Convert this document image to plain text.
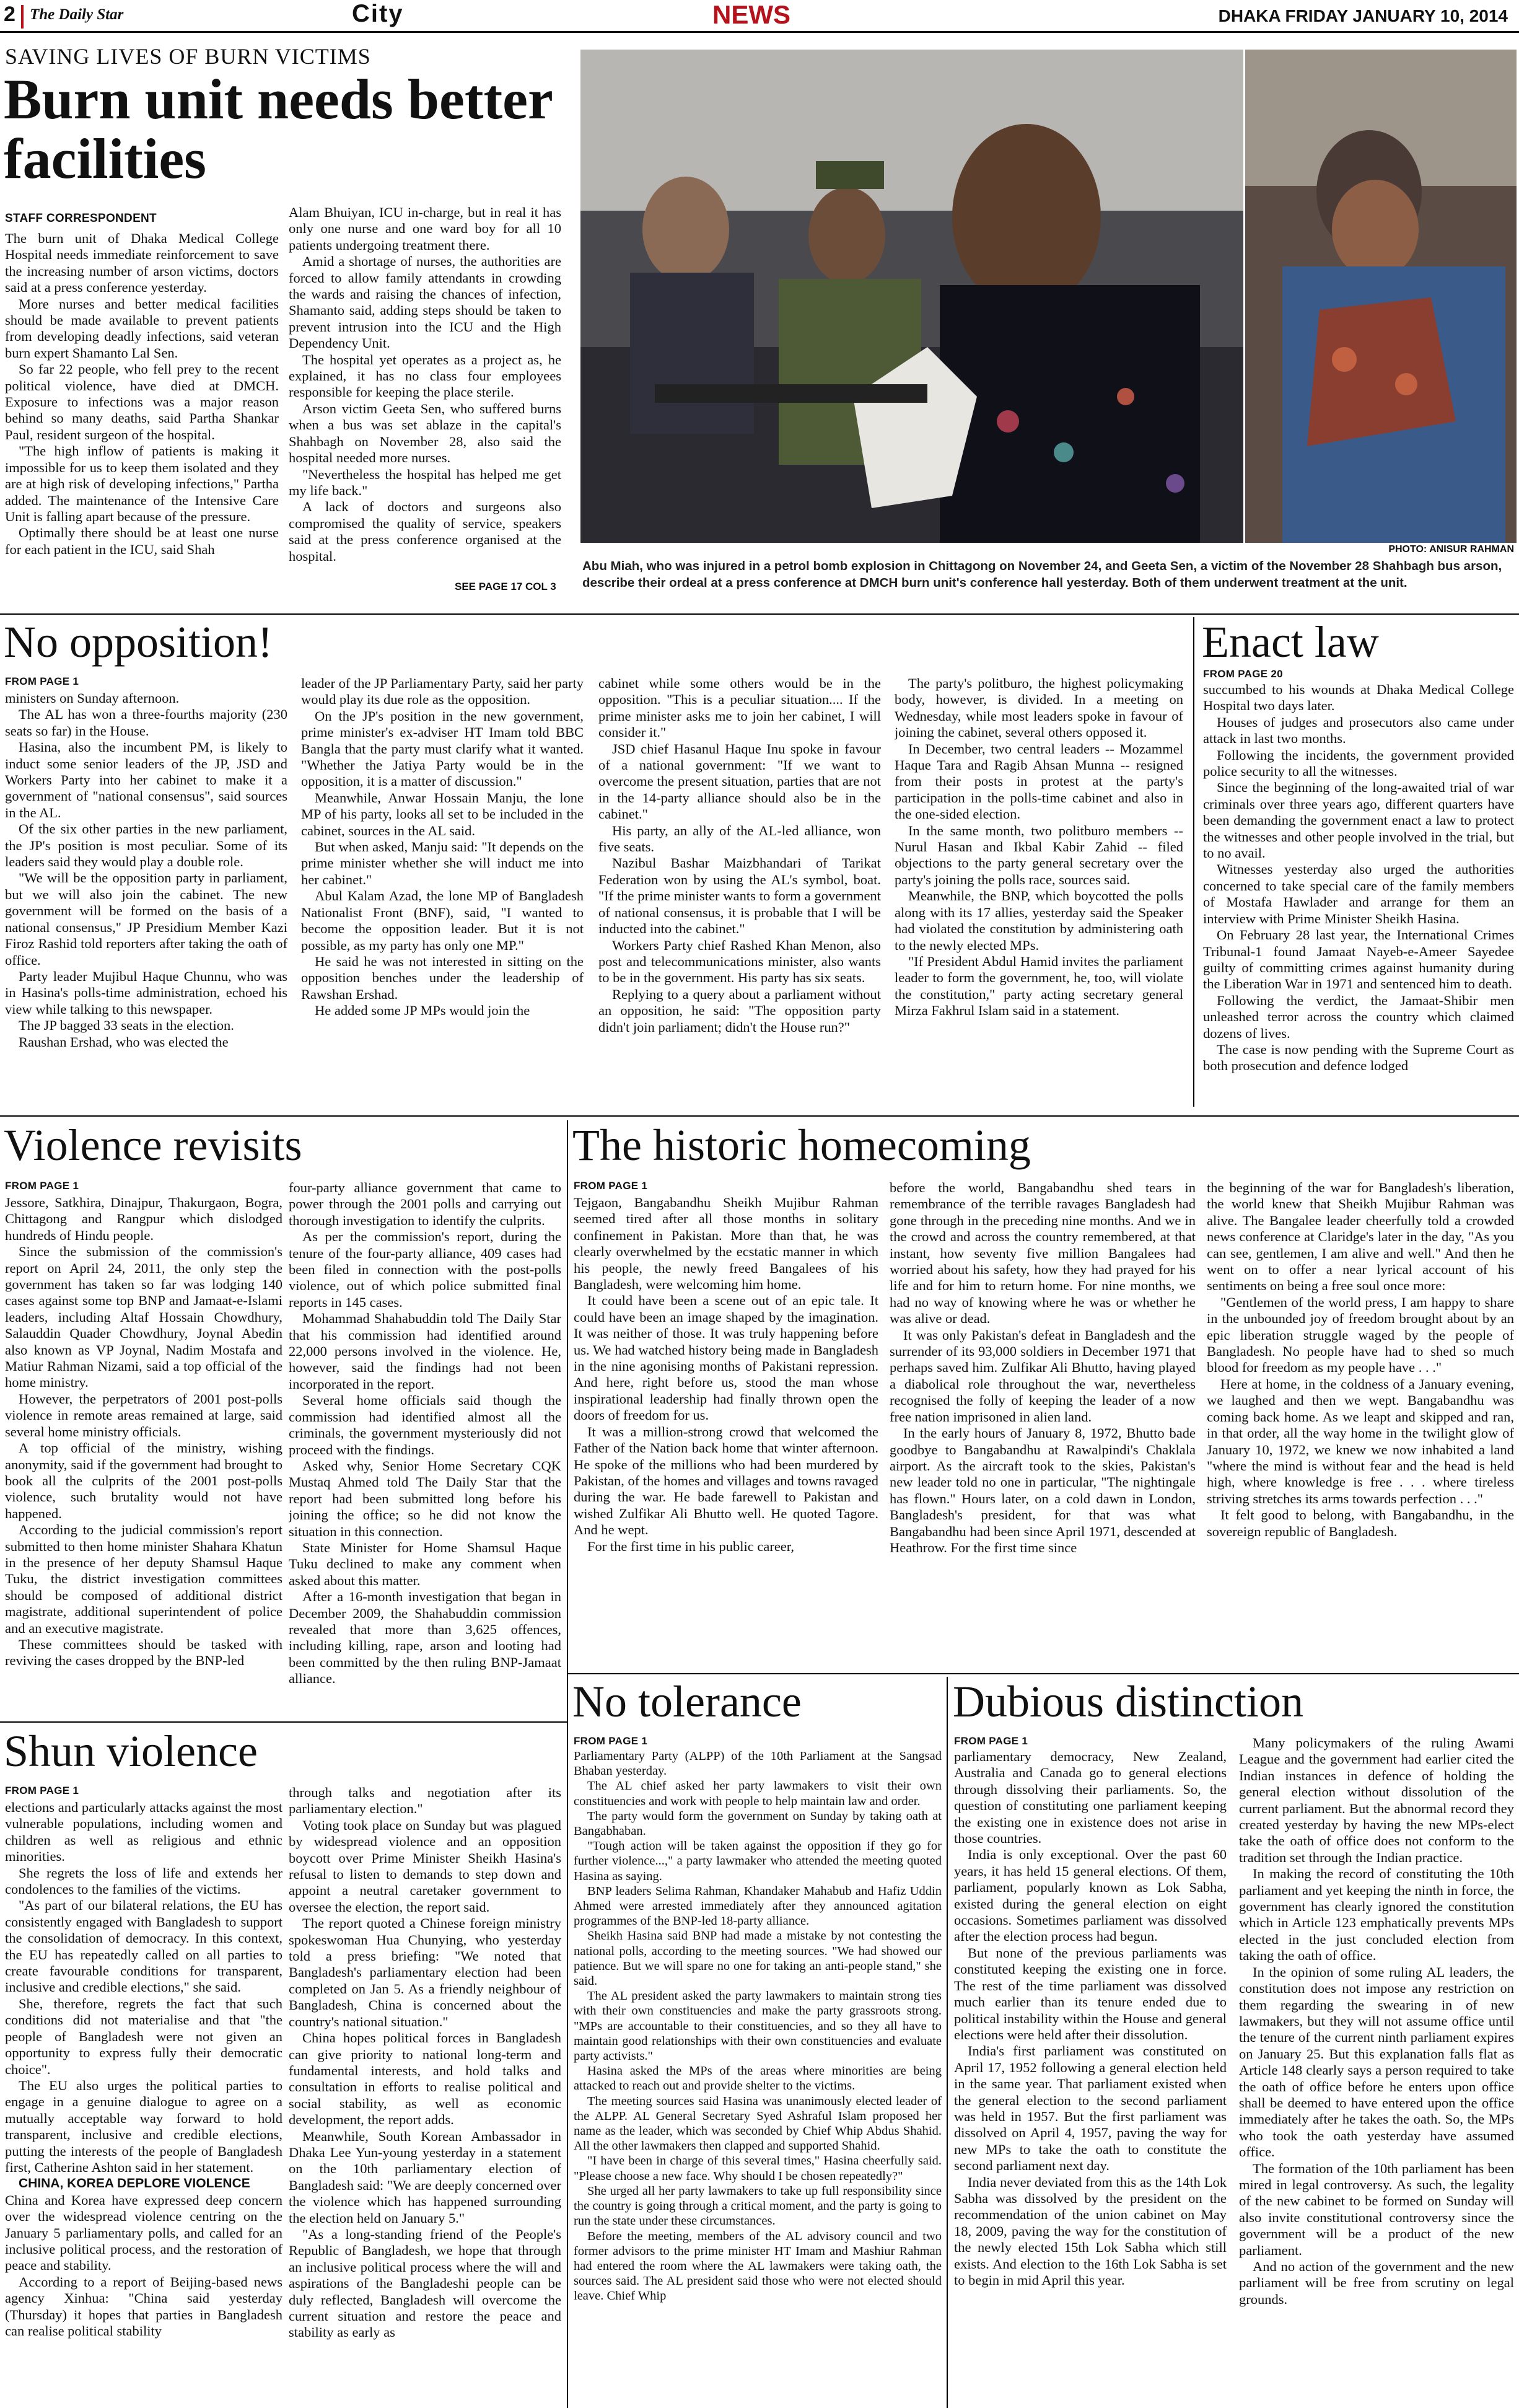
2 The Daily Star	City	NEWS	DHAKA FRIDAY JANUARY 10, 2014
SAVING LIVES OF BURN VICTIMS
Burn unit needs better facilities
STAFF CORRESPONDENT

The burn unit of Dhaka Medical College Hospital needs immediate reinforcement to save the increasing number of arson victims, doctors said at a press conference yesterday.

More nurses and better medical facilities should be made available to prevent patients from developing deadly infections, said veteran burn expert Shamanto Lal Sen.

So far 22 people, who fell prey to the recent political violence, have died at DMCH. Exposure to infections was a major reason behind so many deaths, said Partha Shankar Paul, resident surgeon of the hospital.

"The high inflow of patients is making it impossible for us to keep them isolated and they are at high risk of developing infections," Partha added. The maintenance of the Intensive Care Unit is falling apart because of the pressure.

Optimally there should be at least one nurse for each patient in the ICU, said Shah

Alam Bhuiyan, ICU in-charge, but in real it has only one nurse and one ward boy for all 10 patients undergoing treatment there.

Amid a shortage of nurses, the authorities are forced to allow family attendants in crowding the wards and raising the chances of infection, Shamanto said, adding steps should be taken to prevent intrusion into the ICU and the High Dependency Unit.

The hospital yet operates as a project as, he explained, it has no class four employees responsible for keeping the place sterile.

Arson victim Geeta Sen, who suffered burns when a bus was set ablaze in the capital's Shahbagh on November 28, also said the hospital needed more nurses.

"Nevertheless the hospital has helped me get my life back."

A lack of doctors and surgeons also compromised the quality of service, speakers said at the press conference organised at the hospital.

SEE PAGE 17 COL 3
PHOTO: ANISUR RAHMAN
Abu Miah, who was injured in a petrol bomb explosion in Chittagong on November 24, and Geeta Sen, a victim of the November 28 Shahbagh bus arson, describe their ordeal at a press conference at DMCH burn unit's conference hall yesterday. Both of them underwent treatment at the unit.
No opposition!
FROM PAGE 1

ministers on Sunday afternoon.

The AL has won a three-fourths majority (230 seats so far) in the House.

Hasina, also the incumbent PM, is likely to induct some senior leaders of the JP, JSD and Workers Party into her cabinet to make it a government of "national consensus", said sources in the AL.

Of the six other parties in the new parliament, the JP's position is most peculiar. Some of its leaders said they would play a double role.

"We will be the opposition party in parliament, but we will also join the cabinet. The new government will be formed on the basis of a national consensus," JP Presidium Member Kazi Firoz Rashid told reporters after taking the oath of office.

Party leader Mujibul Haque Chunnu, who was in Hasina's polls-time administration, echoed his view while talking to this newspaper.

The JP bagged 33 seats in the election.

Raushan Ershad, who was elected the

leader of the JP Parliamentary Party, said her party would play its due role as the opposition.

On the JP's position in the new government, prime minister's ex-adviser HT Imam told BBC Bangla that the party must clarify what it wanted. "Whether the Jatiya Party would be in the opposition, it is a matter of discussion."

Meanwhile, Anwar Hossain Manju, the lone MP of his party, looks all set to be included in the cabinet, sources in the AL said.

But when asked, Manju said: "It depends on the prime minister whether she will induct me into her cabinet."

Abul Kalam Azad, the lone MP of Bangladesh Nationalist Front (BNF), said, "I wanted to become the opposition leader. But it is not possible, as my party has only one MP."

He said he was not interested in sitting on the opposition benches under the leadership of Rawshan Ershad.

He added some JP MPs would join the

cabinet while some others would be in the opposition. "This is a peculiar situation.... If the prime minister asks me to join her cabinet, I will consider it."

JSD chief Hasanul Haque Inu spoke in favour of a national government: "If we want to overcome the present situation, parties that are not in the 14-party alliance should also be in the cabinet."

His party, an ally of the AL-led alliance, won five seats.

Nazibul Bashar Maizbhandari of Tarikat Federation won by using the AL's symbol, boat. "If the prime minister wants to form a government of national consensus, it is probable that I will be inducted into the cabinet."

Workers Party chief Rashed Khan Menon, also post and telecommunications minister, also wants to be in the government. His party has six seats.

Replying to a query about a parliament without an opposition, he said: "The opposition party didn't join parliament; didn't the House run?"

The party's politburo, the highest policymaking body, however, is divided. In a meeting on Wednesday, while most leaders spoke in favour of joining the cabinet, several others opposed it.

In December, two central leaders -- Mozammel Haque Tara and Ragib Ahsan Munna -- resigned from their posts in protest at the party's participation in the polls-time cabinet and also in the one-sided election.

In the same month, two politburo members -- Nurul Hasan and Ikbal Kabir Zahid -- filed objections to the party general secretary over the party's joining the polls race, sources said.

Meanwhile, the BNP, which boycotted the polls along with its 17 allies, yesterday said the Speaker had violated the constitution by administering oath to the newly elected MPs.

"If President Abdul Hamid invites the parliament leader to form the government, he, too, will violate the constitution," party acting secretary general Mirza Fakhrul Islam said in a statement.

Enact law
FROM PAGE 20

succumbed to his wounds at Dhaka Medical College Hospital two days later.

Houses of judges and prosecutors also came under attack in last two months.

Following the incidents, the government provided police security to all the witnesses.

Since the beginning of the long-awaited trial of war criminals over three years ago, different quarters have been demanding the government enact a law to protect the witnesses and other people involved in the trial, but to no avail.

Witnesses yesterday also urged the authorities concerned to take special care of the family members of Mostafa Hawlader and arrange for them an interview with Prime Minister Sheikh Hasina.

On February 28 last year, the International Crimes Tribunal-1 found Jamaat Nayeb-e-Ameer Sayedee guilty of committing crimes against humanity during the Liberation War in 1971 and sentenced him to death.

Following the verdict, the Jamaat-Shibir men unleashed terror across the country which claimed dozens of lives.

The case is now pending with the Supreme Court as both prosecution and defence lodged

Violence revisits
FROM PAGE 1

Jessore, Satkhira, Dinajpur, Thakurgaon, Bogra, Chittagong and Rangpur which dislodged hundreds of Hindu people.

Since the submission of the commission's report on April 24, 2011, the only step the government has taken so far was lodging 140 cases against some top BNP and Jamaat-e-Islami leaders, including Altaf Hossain Chowdhury, Salauddin Quader Chowdhury, Joynal Abedin also known as VP Joynal, Nadim Mostafa and Matiur Rahman Nizami, said a top official of the home ministry.

However, the perpetrators of 2001 post-polls violence in remote areas remained at large, said several home ministry officials.

A top official of the ministry, wishing anonymity, said if the government had brought to book all the culprits of the 2001 post-polls violence, such brutality would not have happened.

According to the judicial commission's report submitted to then home minister Shahara Khatun in the presence of her deputy Shamsul Haque Tuku, the district investigation committees should be composed of additional district magistrate, additional superintendent of police and an executive magistrate.

These committees should be tasked with reviving the cases dropped by the BNP-led

four-party alliance government that came to power through the 2001 polls and carrying out thorough investigation to identify the culprits.

As per the commission's report, during the tenure of the four-party alliance, 409 cases had been filed in connection with the post-polls violence, out of which police submitted final reports in 145 cases.

Mohammad Shahabuddin told The Daily Star that his commission had identified around 22,000 persons involved in the violence. He, however, said the findings had not been incorporated in the report.

Several home officials said though the commission had identified almost all the criminals, the government mysteriously did not proceed with the findings.

Asked why, Senior Home Secretary CQK Mustaq Ahmed told The Daily Star that the report had been submitted long before his joining the office; so he did not know the situation in this connection.

State Minister for Home Shamsul Haque Tuku declined to make any comment when asked about this matter.

After a 16-month investigation that began in December 2009, the Shahabuddin commission revealed that more than 3,625 offences, including killing, rape, arson and looting had been committed by the then ruling BNP-Jamaat alliance.

The historic homecoming
FROM PAGE 1

Tejgaon, Bangabandhu Sheikh Mujibur Rahman seemed tired after all those months in solitary confinement in Pakistan. More than that, he was clearly overwhelmed by the ecstatic manner in which his people, the newly freed Bangalees of his Bangladesh, were welcoming him home.

It could have been a scene out of an epic tale. It could have been an image shaped by the imagination. It was neither of those. It was truly happening before us. We had watched history being made in Bangladesh in the nine agonising months of Pakistani repression. And here, right before us, stood the man whose inspirational leadership had finally thrown open the doors of freedom for us.

It was a million-strong crowd that welcomed the Father of the Nation back home that winter afternoon. He spoke of the millions who had been murdered by Pakistan, of the homes and villages and towns ravaged during the war. He bade farewell to Pakistan and wished Zulfikar Ali Bhutto well. He quoted Tagore. And he wept.

For the first time in his public career,

before the world, Bangabandhu shed tears in remembrance of the terrible ravages Bangladesh had gone through in the preceding nine months. And we in the crowd and across the country remembered, at that instant, how seventy five million Bangalees had worried about his safety, how they had prayed for his life and for him to return home. For nine months, we had no way of knowing where he was or whether he was alive or dead.

It was only Pakistan's defeat in Bangladesh and the surrender of its 93,000 soldiers in December 1971 that perhaps saved him. Zulfikar Ali Bhutto, having played a diabolical role throughout the war, nevertheless recognised the folly of keeping the leader of a now free nation imprisoned in alien land.

In the early hours of January 8, 1972, Bhutto bade goodbye to Bangabandhu at Rawalpindi's Chaklala airport. As the aircraft took to the skies, Pakistan's new leader told no one in particular, "The nightingale has flown." Hours later, on a cold dawn in London, Bangladesh's president, for that was what Bangabandhu had been since April 1971, descended at Heathrow. For the first time since

the beginning of the war for Bangladesh's liberation, the world knew that Sheikh Mujibur Rahman was alive. The Bangalee leader cheerfully told a crowded news conference at Claridge's later in the day, "As you can see, gentlemen, I am alive and well." And then he went on to offer a near lyrical account of his sentiments on being a free soul once more:

"Gentlemen of the world press, I am happy to share in the unbounded joy of freedom brought about by an epic liberation struggle waged by the people of Bangladesh. No people have had to shed so much blood for freedom as my people have . . ."

Here at home, in the coldness of a January evening, we laughed and then we wept. Bangabandhu was coming back home. As we leapt and skipped and ran, in that order, all the way home in the twilight glow of January 10, 1972, we knew we now inhabited a land "where the mind is without fear and the head is held high, where knowledge is free . . . where tireless striving stretches its arms towards perfection . . ."

It felt good to belong, with Bangabandhu, in the sovereign republic of Bangladesh.

Shun violence
FROM PAGE 1

elections and particularly attacks against the most vulnerable populations, including women and children as well as religious and ethnic minorities.

She regrets the loss of life and extends her condolences to the families of the victims.

"As part of our bilateral relations, the EU has consistently engaged with Bangladesh to support the consolidation of democracy. In this context, the EU has repeatedly called on all parties to create favourable conditions for transparent, inclusive and credible elections," she said.

She, therefore, regrets the fact that such conditions did not materialise and that "the people of Bangladesh were not given an opportunity to express fully their democratic choice".

The EU also urges the political parties to engage in a genuine dialogue to agree on a mutually acceptable way forward to hold transparent, inclusive and credible elections, putting the interests of the people of Bangladesh first, Catherine Ashton said in her statement.

CHINA, KOREA DEPLORE VIOLENCE

China and Korea have expressed deep concern over the widespread violence centring on the January 5 parliamentary polls, and called for an inclusive political process, and the restoration of peace and stability.

According to a report of Beijing-based news agency Xinhua: "China said yesterday (Thursday) it hopes that parties in Bangladesh can realise political stability

through talks and negotiation after its parliamentary election."

Voting took place on Sunday but was plagued by widespread violence and an opposition boycott over Prime Minister Sheikh Hasina's refusal to listen to demands to step down and appoint a neutral caretaker government to oversee the election, the report said.

The report quoted a Chinese foreign ministry spokeswoman Hua Chunying, who yesterday told a press briefing: "We noted that Bangladesh's parliamentary election had been completed on Jan 5. As a friendly neighbour of Bangladesh, China is concerned about the country's national situation."

China hopes political forces in Bangladesh can give priority to national long-term and fundamental interests, and hold talks and consultation in efforts to realise political and social stability, as well as economic development, the report adds.

Meanwhile, South Korean Ambassador in Dhaka Lee Yun-young yesterday in a statement on the 10th parliamentary election of Bangladesh said: "We are deeply concerned over the violence which has happened surrounding the election held on January 5."

"As a long-standing friend of the People's Republic of Bangladesh, we hope that through an inclusive political process where the will and aspirations of the Bangladeshi people can be duly reflected, Bangladesh will overcome the current situation and restore the peace and stability as early as

No tolerance
FROM PAGE 1

Parliamentary Party (ALPP) of the 10th Parliament at the Sangsad Bhaban yesterday.

The AL chief asked her party lawmakers to visit their own constituencies and work with people to help maintain law and order.

The party would form the government on Sunday by taking oath at Bangabhaban.

"Tough action will be taken against the opposition if they go for further violence...," a party lawmaker who attended the meeting quoted Hasina as saying.

BNP leaders Selima Rahman, Khandaker Mahabub and Hafiz Uddin Ahmed were arrested immediately after they announced agitation programmes of the BNP-led 18-party alliance.

Sheikh Hasina said BNP had made a mistake by not contesting the national polls, according to the meeting sources. "We had showed our patience. But we will spare no one for taking an anti-people stand," she said.

The AL president asked the party lawmakers to maintain strong ties with their own constituencies and make the party grassroots strong. "MPs are accountable to their constituencies, and so they all have to maintain good relationships with their own constituencies and evaluate party activists."

Hasina asked the MPs of the areas where minorities are being attacked to reach out and provide shelter to the victims.

The meeting sources said Hasina was unanimously elected leader of the ALPP. AL General Secretary Syed Ashraful Islam proposed her name as the leader, which was seconded by Chief Whip Abdus Shahid. All the other lawmakers then clapped and supported Shahid.

"I have been in charge of this several times," Hasina cheerfully said. "Please choose a new face. Why should I be chosen repeatedly?"

She urged all her party lawmakers to take up full responsibility since the country is going through a critical moment, and the party is going to run the state under these circumstances.

Before the meeting, members of the AL advisory council and two former advisors to the prime minister HT Imam and Mashiur Rahman had entered the room where the AL lawmakers were taking oath, the sources said. The AL president said those who were not elected should leave. Chief Whip

Dubious distinction
FROM PAGE 1

parliamentary democracy, New Zealand, Australia and Canada go to general elections through dissolving their parliaments. So, the question of constituting one parliament keeping the existing one in existence does not arise in those countries.

India is only exceptional. Over the past 60 years, it has held 15 general elections. Of them, parliament, popularly known as Lok Sabha, existed during the general election on eight occasions. Sometimes parliament was dissolved after the election process had begun.

But none of the previous parliaments was constituted keeping the existing one in force. The rest of the time parliament was dissolved much earlier than its tenure ended due to political instability within the House and general elections were held after their dissolution.

India's first parliament was constituted on April 17, 1952 following a general election held in the same year. That parliament existed when the general election to the second parliament was held in 1957. But the first parliament was dissolved on April 4, 1957, paving the way for new MPs to take the oath to constitute the second parliament next day.

India never deviated from this as the 14th Lok Sabha was dissolved by the president on the recommendation of the union cabinet on May 18, 2009, paving the way for the constitution of the newly elected 15th Lok Sabha which still exists. And election to the 16th Lok Sabha is set to begin in mid April this year.

Many policymakers of the ruling Awami League and the government had earlier cited the Indian instances in defence of holding the general election without dissolution of the current parliament. But the abnormal record they created yesterday by having the new MPs-elect take the oath of office does not conform to the tradition set through the Indian practice.

In making the record of constituting the 10th parliament and yet keeping the ninth in force, the government has clearly ignored the constitution which in Article 123 emphatically prevents MPs elected in the just concluded election from taking the oath of office.

In the opinion of some ruling AL leaders, the constitution does not impose any restriction on them regarding the swearing in of new lawmakers, but they will not assume office until the tenure of the current ninth parliament expires on January 25. But this explanation falls flat as Article 148 clearly says a person required to take the oath of office before he enters upon office shall be deemed to have entered upon the office immediately after he takes the oath. So, the MPs who took the oath yesterday have assumed office.

The formation of the 10th parliament has been mired in legal controversy. As such, the legality of the new cabinet to be formed on Sunday will also invite constitutional controversy since the government will be a product of the new parliament.

And no action of the government and the new parliament will be free from scrutiny on legal grounds.
